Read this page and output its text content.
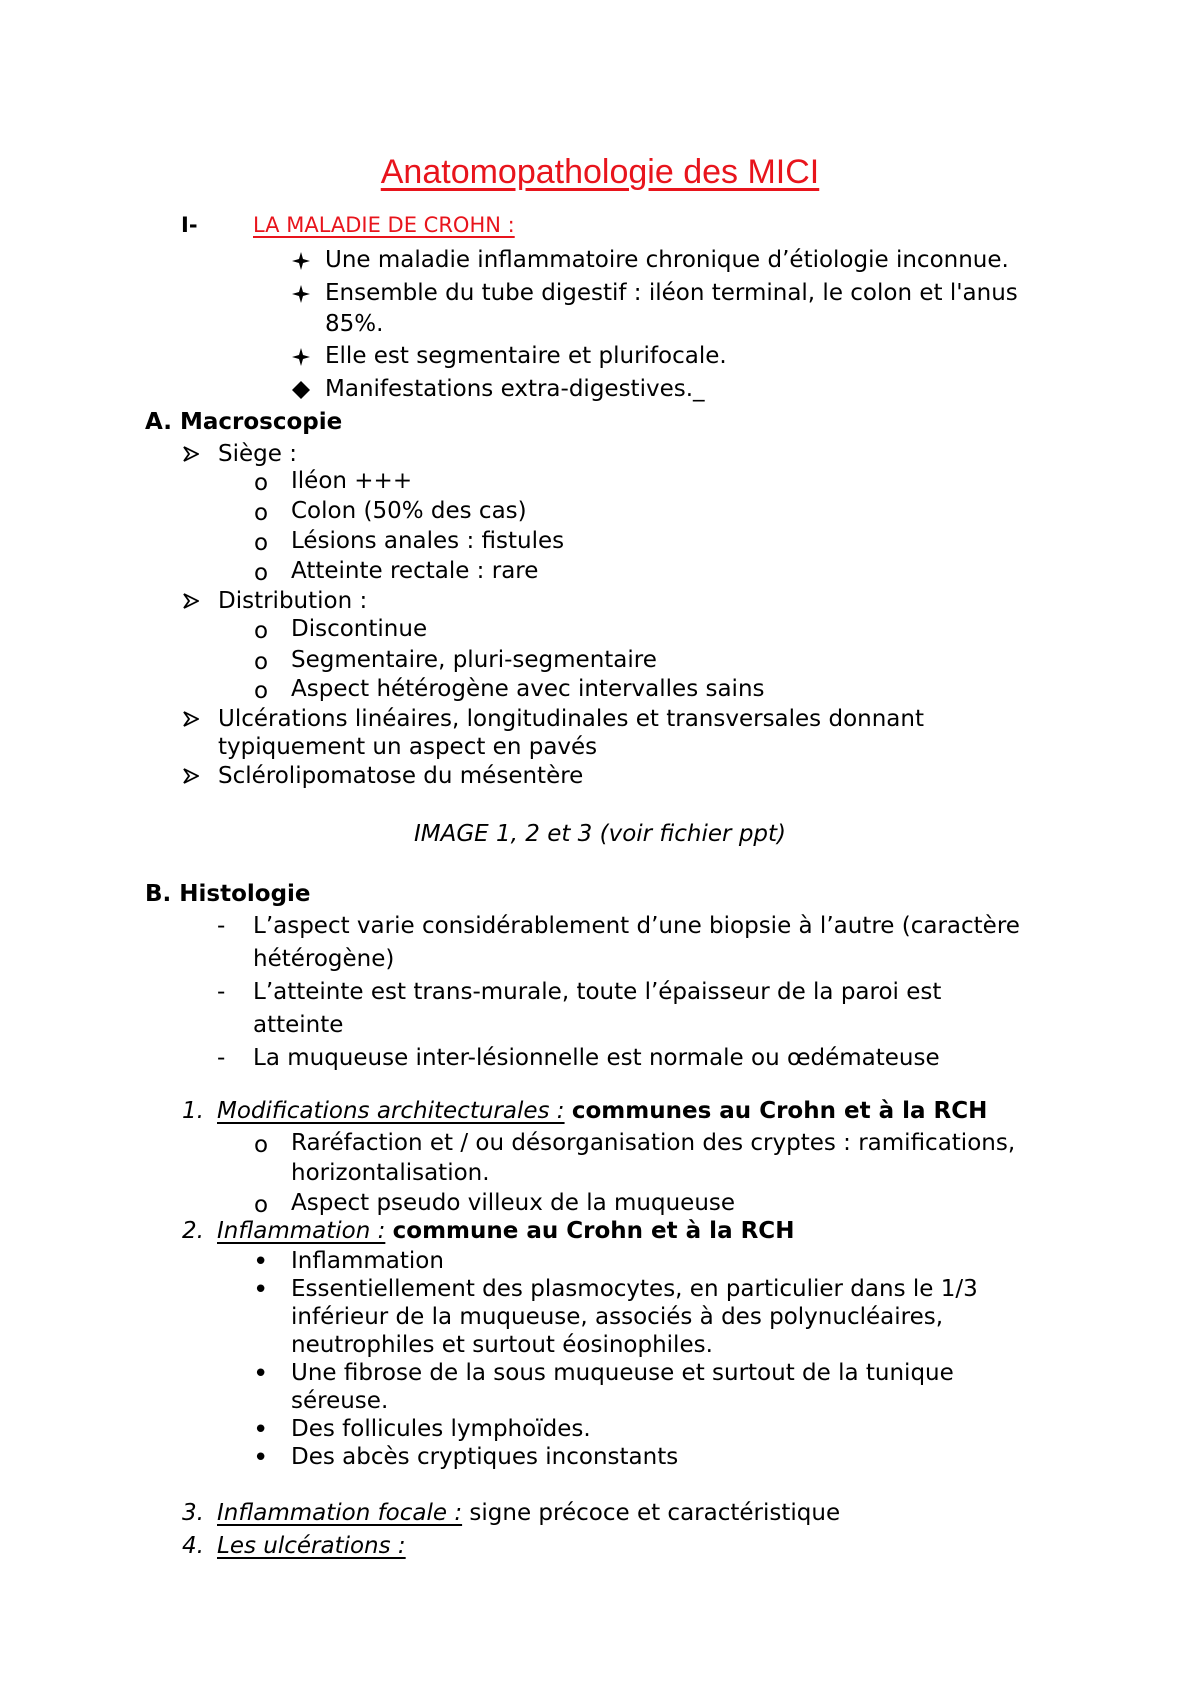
Anatomopathologie des MICI
I-	LA MALADIE DE CROHN :
Une maladie inflammatoire chronique d’étiologie inconnue.
Ensemble du tube digestif : iléon terminal, le colon et l'anus
85%.
Elle est segmentaire et plurifocale.
Manifestations extra-digestives._
A. Macroscopie
Siège :
o Iléon +++
o Colon (50% des cas)
o Lésions anales : fistules
o Atteinte rectale : rare
Distribution :
o Discontinue
o Segmentaire, pluri-segmentaire
o Aspect hétérogène avec intervalles sains
Ulcérations linéaires, longitudinales et transversales donnant
typiquement un aspect en pavés
Sclérolipomatose du mésentère
IMAGE 1, 2 et 3 (voir fichier ppt)
B. Histologie
- L’aspect varie considérablement d’une biopsie à l’autre (caractère
hétérogène)
- L’atteinte est trans-murale, toute l’épaisseur de la paroi est
atteinte
- La muqueuse inter-lésionnelle est normale ou œdémateuse
1. Modifications architecturales : communes au Crohn et à la RCH
o Raréfaction et / ou désorganisation des cryptes : ramifications,
horizontalisation.
o Aspect pseudo villeux de la muqueuse
2. Inflammation : commune au Crohn et à la RCH
• Inflammation
• Essentiellement des plasmocytes, en particulier dans le 1/3
inférieur de la muqueuse, associés à des polynucléaires,
neutrophiles et surtout éosinophiles.
• Une fibrose de la sous muqueuse et surtout de la tunique
séreuse.
• Des follicules lymphoïdes.
• Des abcès cryptiques inconstants
3. Inflammation focale : signe précoce et caractéristique
4. Les ulcérations :
